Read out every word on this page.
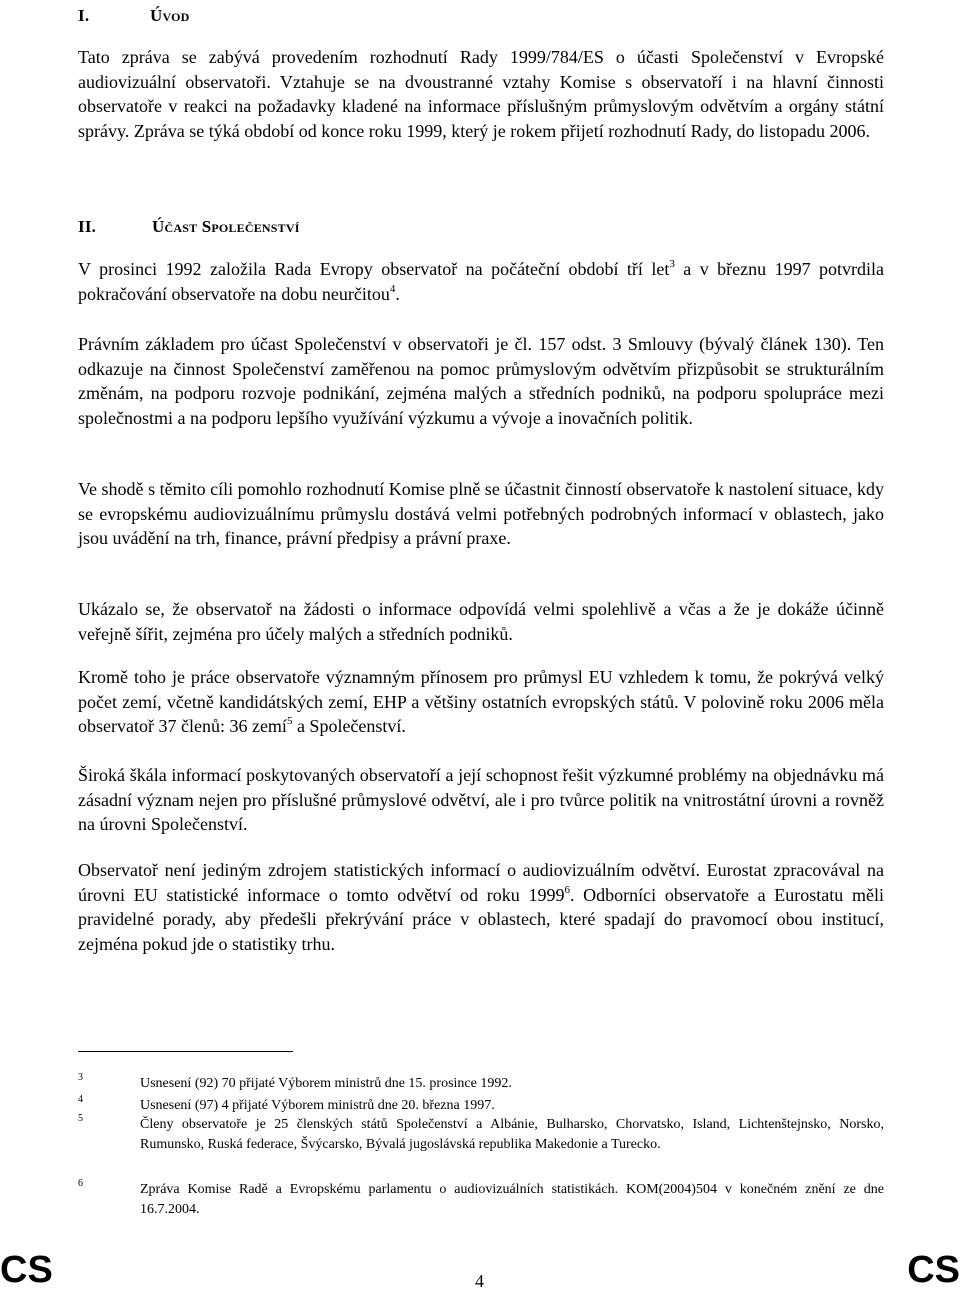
I.	Úvod

Tato zpráva se zabývá provedením rozhodnutí Rady 1999/784/ES o účasti Společenství v Evropské audiovizuální observatoři. Vztahuje se na dvoustranné vztahy Komise s observatoří i na hlavní činnosti observatoře v reakci na požadavky kladené na informace příslušným průmyslovým odvětvím a orgány státní správy. Zpráva se týká období od konce roku 1999, který je rokem přijetí rozhodnutí Rady, do listopadu 2006.

II.	Účast Společenství

V prosinci 1992 založila Rada Evropy observatoř na počáteční období tří let$^3$ a v březnu 1997 potvrdila pokračování observatoře na dobu neurčitou$^4$.

Právním základem pro účast Společenství v observatoři je čl. 157 odst. 3 Smlouvy (bývalý článek 130). Ten odkazuje na činnost Společenství zaměřenou na pomoc průmyslovým odvětvím přizpůsobit se strukturálním změnám, na podporu rozvoje podnikání, zejména malých a středních podniků, na podporu spolupráce mezi společnostmi a na podporu lepšího využívání výzkumu a vývoje a inovačních politik.

Ve shodě s těmito cíli pomohlo rozhodnutí Komise plně se účastnit činností observatoře k nastolení situace, kdy se evropskému audiovizuálnímu průmyslu dostává velmi potřebných podrobných informací v oblastech, jako jsou uvádění na trh, finance, právní předpisy a právní praxe.

Ukázalo se, že observatoř na žádosti o informace odpovídá velmi spolehlivě a včas a že je dokáže účinně veřejně šířit, zejména pro účely malých a středních podniků.

Kromě toho je práce observatoře významným přínosem pro průmysl EU vzhledem k tomu, že pokrývá velký počet zemí, včetně kandidátských zemí, EHP a většiny ostatních evropských států. V polovině roku 2006 měla observatoř 37 členů: 36 zemí$^5$ a Společenství.

Široká škála informací poskytovaných observatoří a její schopnost řešit výzkumné problémy na objednávku má zásadní význam nejen pro příslušné průmyslové odvětví, ale i pro tvůrce politik na vnitrostátní úrovni a rovněž na úrovni Společenství.

Observatoř není jediným zdrojem statistických informací o audiovizuálním odvětví. Eurostat zpracovával na úrovni EU statistické informace o tomto odvětví od roku 1999$^6$. Odborníci observatoře a Eurostatu měli pravidelné porady, aby předešli překrývání práce v oblastech, které spadají do pravomocí obou institucí, zejména pokud jde o statistiky trhu.

3	Usnesení (92) 70 přijaté Výborem ministrů dne 15. prosince 1992.
4	Usnesení (97) 4 přijaté Výborem ministrů dne 20. března 1997.
5	Členy observatoře je 25 členských států Společenství a Albánie, Bulharsko, Chorvatsko, Island, Lichtenštejnsko, Norsko, Rumunsko, Ruská federace, Švýcarsko, Bývalá jugoslávská republika Makedonie a Turecko.
6	Zpráva Komise Radě a Evropskému parlamentu o audiovizuálních statistikách. KOM(2004)504 v konečném znění ze dne 16.7.2004.
CS	4	CS
